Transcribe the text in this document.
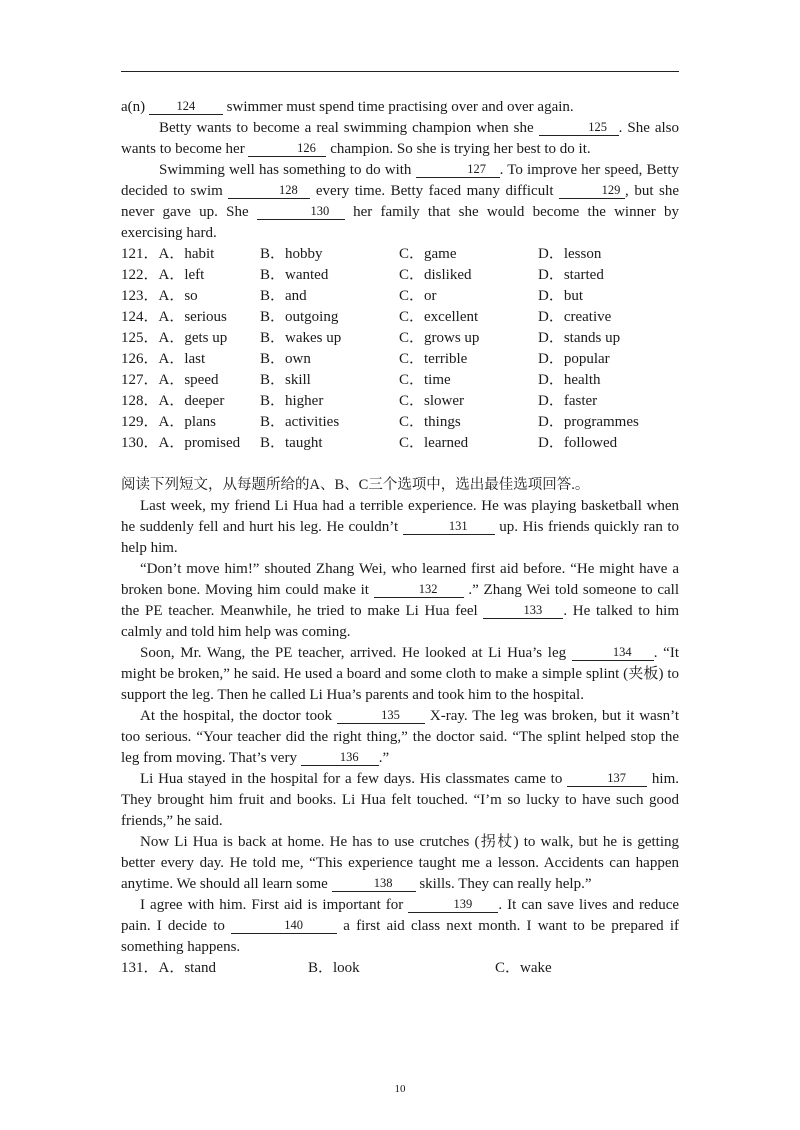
a(n)	124 swimmer must spend time practising over and over again.

Betty wants to become a real swimming champion when she	125 . She also wants to become her	126 champion. So she is trying her best to do it.

Swimming well has something to do with	127 . To improve her speed, Betty decided to swim	128 every time. Betty faced many difficult	129 , but she never gave up. She	130 her family that she would become the winner by exercising hard.

121．A．habit	B．hobby	C．game	D．lesson
122．A．left	B．wanted	C．disliked	D．started
123．A．so	B．and	C．or	D．but
124．A．serious	B．outgoing	C．excellent	D．creative
125．A．gets up	B．wakes up	C．grows up	D．stands up
126．A．last	B．own	C．terrible	D．popular
127．A．speed	B．skill	C．time	D．health
128．A．deeper	B．higher	C．slower	D．faster
129．A．plans	B．activities	C．things	D．programmes
130．A．promised	B．taught	C．learned	D．followed

阅读下列短文，从每题所给的A、B、C三个选项中，选出最佳选项回答.。

Last week, my friend Li Hua had a terrible experience. He was playing basketball when he suddenly fell and hurt his leg. He couldn’t	131 up. His friends quickly ran to help him.

“Don’t move him!” shouted Zhang Wei, who learned first aid before. “He might have a broken bone. Moving him could make it	132 .” Zhang Wei told someone to call the PE teacher. Meanwhile, he tried to make Li Hua feel	133 . He talked to him calmly and told him help was coming.

Soon, Mr. Wang, the PE teacher, arrived. He looked at Li Hua’s leg	134 . “It might be broken,” he said. He used a board and some cloth to make a simple splint (夹板) to support the leg. Then he called Li Hua’s parents and took him to the hospital.

At the hospital, the doctor took	135 X-ray. The leg was broken, but it wasn’t too serious. “Your teacher did the right thing,” the doctor said. “The splint helped stop the leg from moving. That’s very	136 .”

Li Hua stayed in the hospital for a few days. His classmates came to	137 him. They brought him fruit and books. Li Hua felt touched. “I’m so lucky to have such good friends,” he said.

Now Li Hua is back at home. He has to use crutches (拐杖) to walk, but he is getting better every day. He told me, “This experience taught me a lesson. Accidents can happen anytime. We should all learn some	138 skills. They can really help.”

I agree with him. First aid is important for	139 . It can save lives and reduce pain. I decide to	140	a first aid class next month. I want to be prepared if something happens.

131．A．stand	B．look	C．wake
10
